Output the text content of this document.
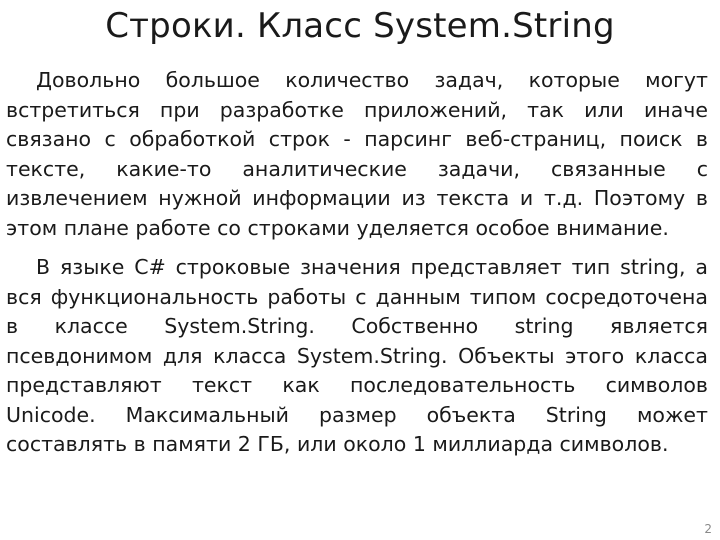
Строки. Класс System.String

Довольно большое количество задач, которые могут встретиться при разработке приложений, так или иначе связано с обработкой строк - парсинг веб-страниц, поиск в тексте, какие-то аналитические задачи, связанные с извлечением нужной информации из текста и т.д. Поэтому в этом плане работе со строками уделяется особое внимание.

В языке C# строковые значения представляет тип string, а вся функциональность работы с данным типом сосредоточена в классе System.String. Собственно string является псевдонимом для класса System.String. Объекты этого класса представляют текст как последовательность символов Unicode. Максимальный размер объекта String может составлять в памяти 2 ГБ, или около 1 миллиарда символов.

2
